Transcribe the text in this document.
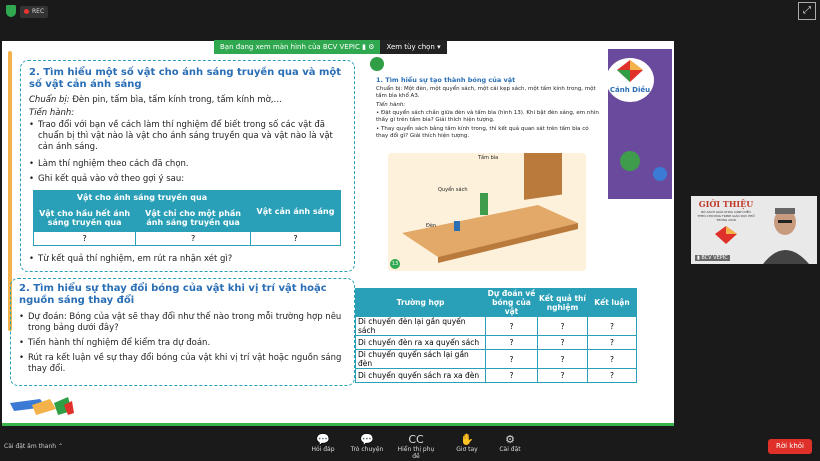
REC	⤢
Bạn đang xem màn hình của BCV VEPIC ▮ ⚙	Xem tùy chọn ▾
2. Tìm hiểu một số vật cho ánh sáng truyền qua và một số vật cản ánh sáng
Chuẩn bị: Đèn pin, tấm bìa, tấm kính trong, tấm kính mờ,…
Tiến hành:
• Trao đổi với bạn về cách làm thí nghiệm để biết trong số các vật đã chuẩn bị thì vật nào là vật cho ánh sáng truyền qua và vật nào là vật cản ánh sáng.
• Làm thí nghiệm theo cách đã chọn.
• Ghi kết quả vào vở theo gợi ý sau:
Vật cho ánh sáng truyền qua		Vật cản ánh sáng
Vật cho hầu hết ánh sáng truyền qua	Vật chỉ cho một phần ánh sáng truyền qua	
?	?	?
• Từ kết quả thí nghiệm, em rút ra nhận xét gì?
2. Tìm hiểu sự thay đổi bóng của vật khi vị trí vật hoặc nguồn sáng thay đổi
• Dự đoán: Bóng của vật sẽ thay đổi như thế nào trong mỗi trường hợp nêu trong bảng dưới đây?
• Tiến hành thí nghiệm để kiểm tra dự đoán.
• Rút ra kết luận về sự thay đổi bóng của vật khi vị trí vật hoặc nguồn sáng thay đổi.
1. Tìm hiểu sự tạo thành bóng của vật
Chuẩn bị: Một đèn, một quyển sách, một cái kẹp sách, một tấm kính trong, một tấm bìa khổ A3.
Tiến hành:
• Đặt quyển sách chắn giữa đèn và tấm bìa (hình 13). Khi bật đèn sáng, em nhìn thấy gì trên tấm bìa? Giải thích hiện tượng.
• Thay quyển sách bằng tấm kính trong, thì kết quả quan sát trên tấm bìa có thay đổi gì? Giải thích hiện tượng.
Tấm bìa
Quyển sách
Đèn
13
Cánh Diều
Trường hợp	Dự đoán về bóng của vật	Kết quả thí nghiệm	Kết luận
Di chuyển đèn lại gần quyển sách	?	?	?
Di chuyển đèn ra xa quyển sách	?	?	?
Di chuyển quyển sách lại gần đèn	?	?	?
Di chuyển quyển sách ra xa đèn	?	?	?
GIỚI THIỆU
BỘ SÁCH GIÁO KHOA CÁNH DIỀU
THEO CHƯƠNG TRÌNH GIÁO DỤC PHỔ THÔNG 2018
▮ BCV VEPIC
Cài đặt âm thanh ⌃
💬
Hỏi đáp
💬
Trò chuyện
CC
Hiển thị phụ đề
✋
Giơ tay
⚙
Cài đặt	Rời khỏi
